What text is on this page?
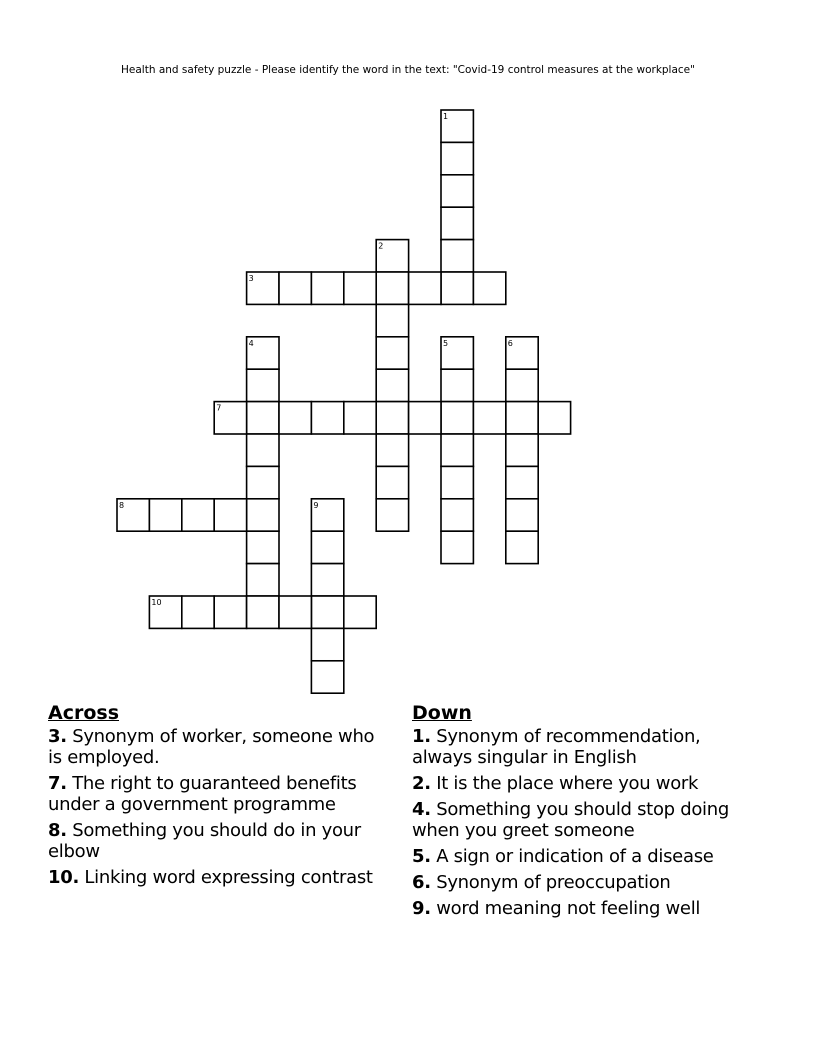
Health and safety puzzle - Please identify the word in the text: "Covid-19 control measures at the workplace"
1
2
3
4	5	6
7
8	9
10
Across
3. Synonym of worker, someone who is employed.
7. The right to guaranteed benefits under a government programme
8. Something you should do in your elbow
10. Linking word expressing contrast
Down
1. Synonym of recommendation, always singular in English
2. It is the place where you work
4. Something you should stop doing when you greet someone
5. A sign or indication of a disease
6. Synonym of preoccupation
9. word meaning not feeling well
